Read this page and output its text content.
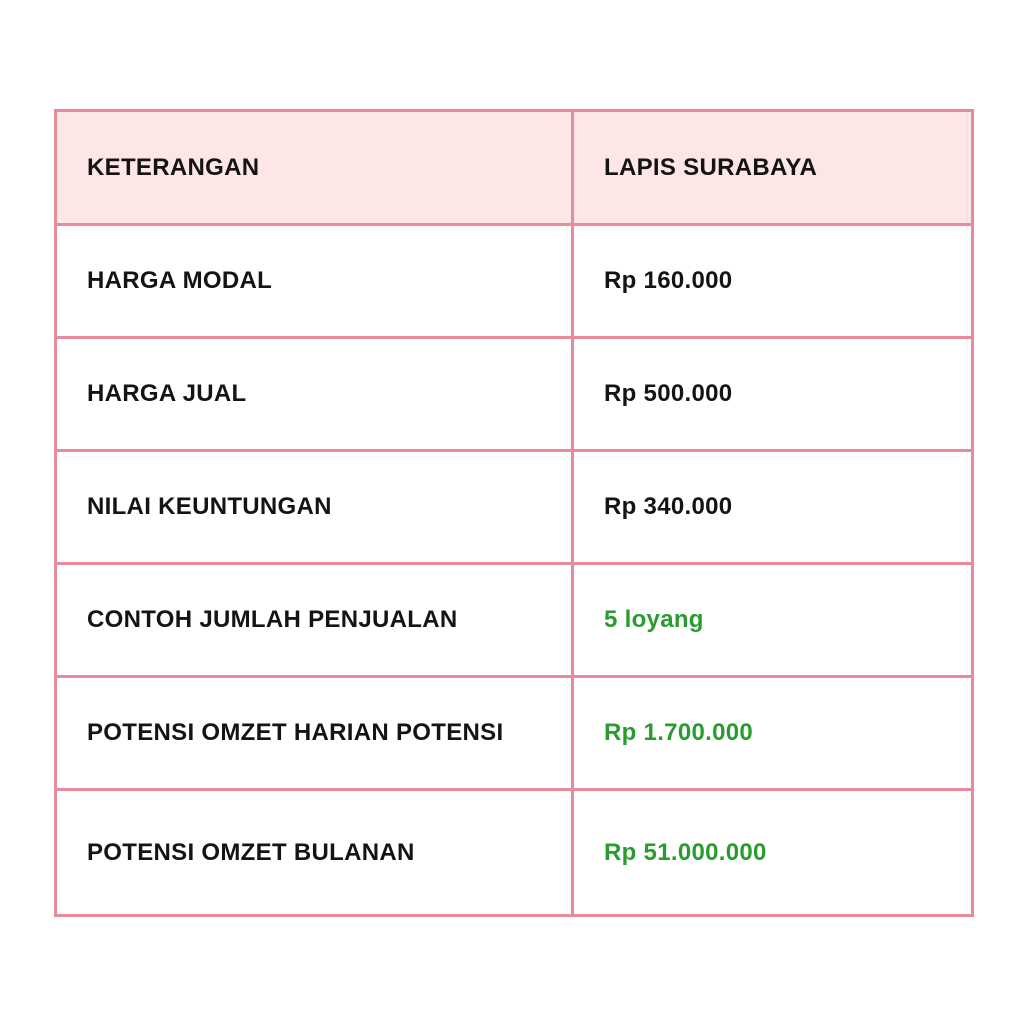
KETERANGAN	LAPIS SURABAYA
HARGA MODAL	Rp 160.000
HARGA JUAL	Rp 500.000
NILAI KEUNTUNGAN	Rp 340.000
CONTOH JUMLAH PENJUALAN	5 loyang
POTENSI OMZET HARIAN POTENSI	Rp 1.700.000
POTENSI OMZET BULANAN	Rp 51.000.000
